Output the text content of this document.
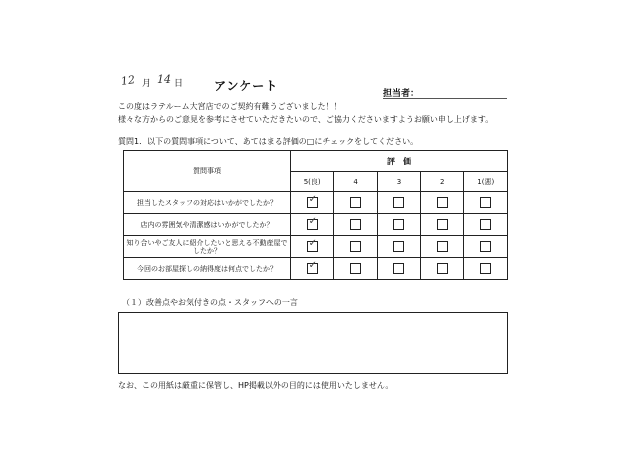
12 月 14 日	アンケート
担当者：
この度はラテルーム大宮店でのご契約有難うございました！！
様々な方からのご意見を参考にさせていただきたいので、ご協力くださいますようお願い申し上げます。
質問1．以下の質問事項について、あてはまる評価の□にチェックをしてください。
質問事項	評　価				
	5(良)	4	3	2	1(悪)
担当したスタッフの対応はいかがでしたか？	✓				

店内の雰囲気や清潔感はいかがでしたか？	✓				

知り合いやご友人に紹介したいと思える不動産屋でしたか？	✓				

今回のお部屋探しの納得度は何点でしたか？	✓				

（１）改善点やお気付きの点・スタッフへの一言
なお、この用紙は厳重に保管し、HP掲載以外の目的には使用いたしません。
